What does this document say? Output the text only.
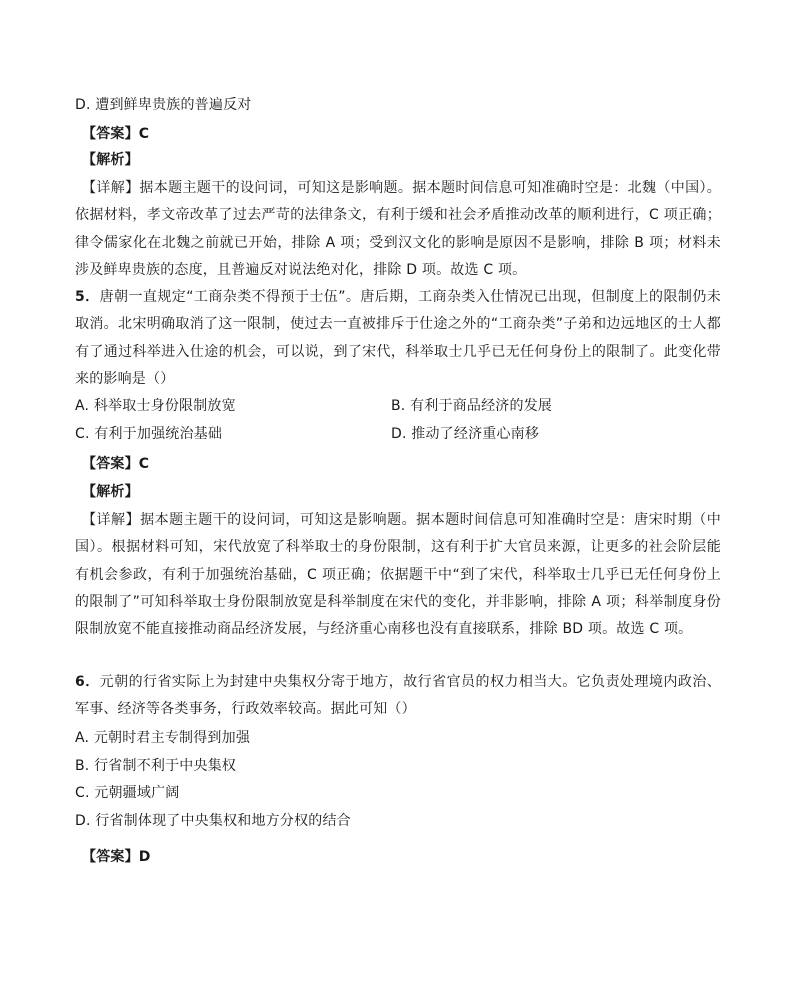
D. 遭到鲜卑贵族的普遍反对
【答案】C
【解析】
【详解】据本题主题干的设问词，可知这是影响题。据本题时间信息可知准确时空是：北魏（中国）。依据材料，孝文帝改革了过去严苛的法律条文，有利于缓和社会矛盾推动改革的顺利进行，C 项正确；律令儒家化在北魏之前就已开始，排除 A 项；受到汉文化的影响是原因不是影响，排除 B 项；材料未涉及鲜卑贵族的态度，且普遍反对说法绝对化，排除 D 项。故选 C 项。
5．唐朝一直规定“工商杂类不得预于士伍”。唐后期，工商杂类入仕情况已出现，但制度上的限制仍未取消。北宋明确取消了这一限制，使过去一直被排斥于仕途之外的“工商杂类”子弟和边远地区的士人都有了通过科举进入仕途的机会，可以说，到了宋代，科举取士几乎已无任何身份上的限制了。此变化带来的影响是（）
A. 科举取士身份限制放宽	B. 有利于商品经济的发展
C. 有利于加强统治基础	D. 推动了经济重心南移
【答案】C
【解析】
【详解】据本题主题干的设问词，可知这是影响题。据本题时间信息可知准确时空是：唐宋时期（中国）。根据材料可知，宋代放宽了科举取士的身份限制，这有利于扩大官员来源，让更多的社会阶层能有机会参政，有利于加强统治基础，C 项正确；依据题干中“到了宋代，科举取士几乎已无任何身份上的限制了”可知科举取士身份限制放宽是科举制度在宋代的变化，并非影响，排除 A 项；科举制度身份限制放宽不能直接推动商品经济发展，与经济重心南移也没有直接联系，排除 BD 项。故选 C 项。
6．元朝的行省实际上为封建中央集权分寄于地方，故行省官员的权力相当大。它负责处理境内政治、军事、经济等各类事务，行政效率较高。据此可知（）
A. 元朝时君主专制得到加强
B. 行省制不利于中央集权
C. 元朝疆域广阔
D. 行省制体现了中央集权和地方分权的结合
【答案】D
